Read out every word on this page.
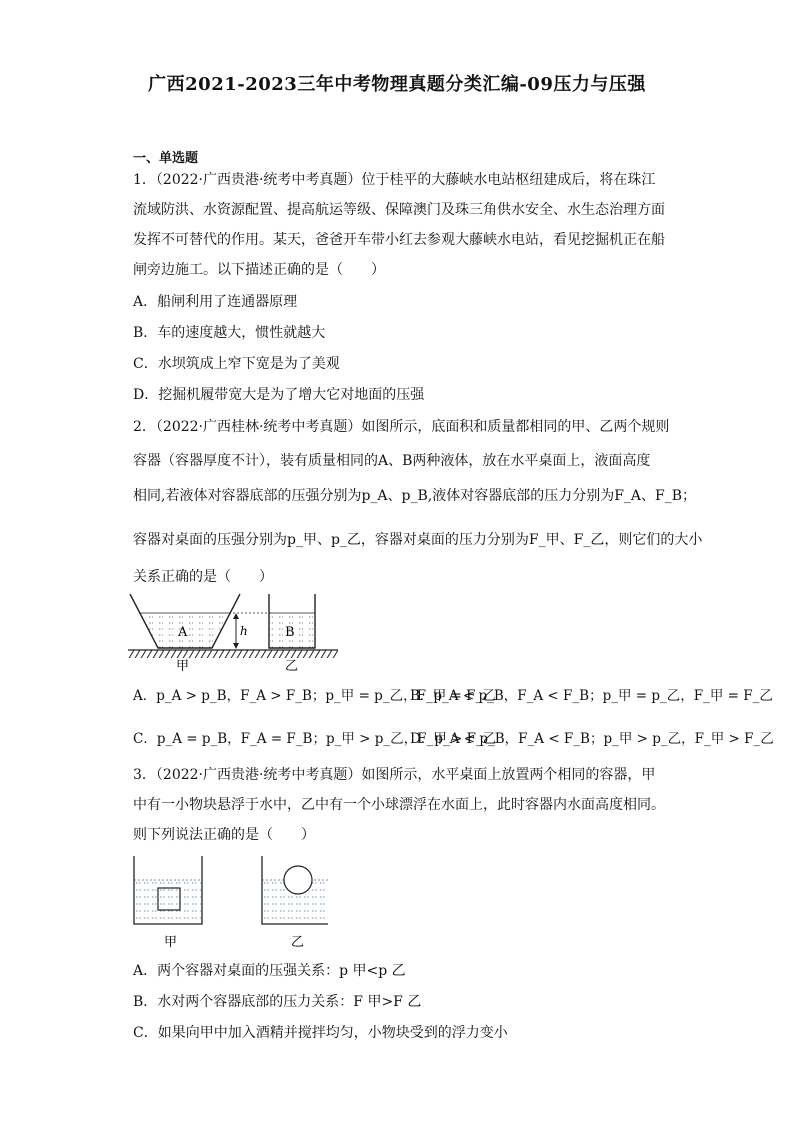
广西2021-2023三年中考物理真题分类汇编-09压力与压强
一、单选题
1．（2022·广西贵港·统考中考真题）位于桂平的大藤峡水电站枢纽建成后，将在珠江流域防洪、水资源配置、提高航运等级、保障澳门及珠三角供水安全、水生态治理方面发挥不可替代的作用。某天，爸爸开车带小红去参观大藤峡水电站，看见挖掘机正在船闸旁边施工。以下描述正确的是（　　）
A．船闸利用了连通器原理
B．车的速度越大，惯性就越大
C．水坝筑成上窄下宽是为了美观
D．挖掘机履带宽大是为了增大它对地面的压强
2．（2022·广西桂林·统考中考真题）如图所示，底面积和质量都相同的甲、乙两个规则
容器（容器厚度不计），装有质量相同的A、B两种液体，放在水平桌面上，液面高度
相同,若液体对容器底部的压强分别为p_A、p_B,液体对容器底部的压力分别为F_A、F_B；
容器对桌面的压强分别为p_甲、p_乙，容器对桌面的压力分别为F_甲、F_乙，则它们的大小
关系正确的是（　　）
A	h	B
甲	乙
A．p_A > p_B，F_A > F_B；p_甲 = p_乙，F_甲 = F_乙
B．p_A < p_B，F_A < F_B；p_甲 = p_乙，F_甲 = F_乙
C．p_A = p_B，F_A = F_B；p_甲 > p_乙，F_甲 > F_乙
D．p_A < p_B，F_A < F_B；p_甲 > p_乙，F_甲 > F_乙
3．（2022·广西贵港·统考中考真题）如图所示，水平桌面上放置两个相同的容器，甲中有一小物块悬浮于水中，乙中有一个小球漂浮在水面上，此时容器内水面高度相同。则下列说法正确的是（　　）
甲	乙
A．两个容器对桌面的压强关系：p 甲<p 乙
B．水对两个容器底部的压力关系：F 甲>F 乙
C．如果向甲中加入酒精并搅拌均匀，小物块受到的浮力变小
